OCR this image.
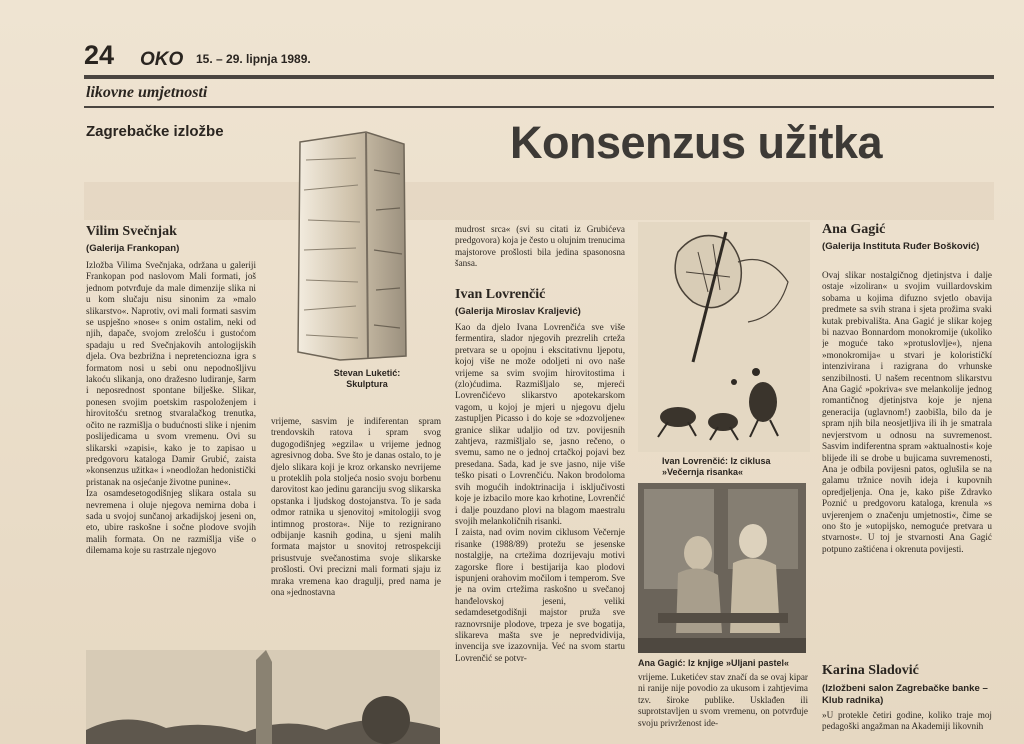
24 OKO 15. – 29. lipnja 1989.
likovne umjetnosti
Zagrebačke izložbe	Konsenzus užitka
Stevan Luketić:
Skulptura
Vilim Svečnjak
(Galerija Frankopan)
Izložba Vilima Svečnjaka, održana u galeriji Frankopan pod naslovom Mali formati, još jednom potvrđuje da male dimenzije slika ni u kom slučaju nisu sinonim za »malo slikarstvo«. Naprotiv, ovi mali formati sasvim se uspješno »nose« s onim ostalim, neki od njih, dapače, svojom zrelošću i gustoćom spadaju u red Svečnjakovih antologijskih djela. Ova bezbrižna i nepretenciozna igra s formatom nosi u sebi onu nepodnošljivu lakoću slikanja, ono dražesno ludiranje, šarm i neposrednost spontane bilješke. Slikar, ponesen svojim poetskim raspoloženjem i hirovitošću sretnog stvaralačkog trenutka, očito ne razmišlja o budućnosti slike i njenim poslijedicama u svom vremenu. Ovi su slikarski »zapisi«, kako je to zapisao u predgovoru kataloga Damir Grubić, zaista »konsenzus užitka« i »neodložan hedonistički pristanak na osjećanje životne punine«.
Iza osamdesetogodišnjeg slikara ostala su nevremena i oluje njegova nemirna doba i sada u svojoj sunčanoj arkadijskoj jeseni on, eto, ubire raskošne i sočne plodove svojih malih formata. On ne razmišlja više o dilemama koje su rastrzale njegovo
vrijeme, sasvim je indiferentan spram trendovskih ratova i spram svog dugogodišnjeg »egzila« u vrijeme jednog agresivnog doba. Sve što je danas ostalo, to je djelo slikara koji je kroz orkansko nevrijeme u proteklih pola stoljeća nosio svoju borbenu darovitost kao jedinu garanciju svog slikarska opstanka i ljudskog dostojanstva. To je sada odmor ratnika u sjenovitoj »mitologiji svog intimnog prostora«. Nije to rezignirano odbijanje kasnih godina, u sjeni malih formata majstor u snovitoj retrospekciji prisustvuje svečanostima svoje slikarske prošlosti. Ovi precizni mali formati sjaju iz mraka vremena kao dragulji, pred nama je ona »jednostavna
mudrost srca« (svi su citati iz Grubićeva predgovora) koja je često u olujnim trenucima majstorove prošlosti bila jedina spasonosna šansa.
Ivan Lovrenčić
(Galerija Miroslav Kraljević)
Kao da djelo Ivana Lovrenčića sve više fermentira, slador njegovih prezrelih crteža pretvara se u opojnu i ekscitativnu ljepotu, kojoj više ne može odoljeti ni ovo naše vrijeme sa svim svojim hirovitostima i (zlo)ćudima. Razmišljalo se, mjereći Lovrenčićevo slikarstvo apotekarskom vagom, u kojoj je mjeri u njegovu djelu zastupljen Picasso i do koje se »dozvoljene« granice slikar udaljio od tzv. povijesnih zahtjeva, razmišljalo se, jasno rečeno, o svemu, samo ne o jednoj crtačkoj pojavi bez presedana. Sada, kad je sve jasno, nije više teško pisati o Lovrenčiću. Nakon brodoloma svih mogućih indoktrinacija i isključivosti koje je izbacilo more kao krhotine, Lovrenčić i dalje pouzdano plovi na blagom maestralu svojih melankoličnih risanki.
I zaista, nad ovim novim ciklusom Večernje risanke (1988/89) protežu se jesenske nostalgije, na crtežima dozrijevaju motivi zagorske flore i bestijarija kao plodovi ispunjeni orahovim močilom i temperom. Sve je na ovim crtežima raskošno u svečanoj hanđelovskoj jeseni, veliki sedamdesetgodišnji majstor pruža sve raznovrsnije plodove, trpeza je sve bogatija, slikareva mašta sve je nepredvidivija, invencija sve izazovnija. Već na svom startu Lovrenčić se potvr-
Ivan Lovrenčić: Iz ciklusa
»Večernja risanka«
Ana Gagić: Iz knjige »Uljani pastel«
vrijeme. Luketićev stav značí da se ovaj kipar ni ranije nije povodio za ukusom i zahtjevima tzv. široke publike. Usklađen ili suprotstavljen u svom vremenu, on potvrđuje svoju privrženost ide-
Ana Gagić
(Galerija Instituta Ruđer Bošković)
Ovaj slikar nostalgičnog djetinjstva i dalje ostaje »izoliran« u svojim vuillardovskim sobama u kojima difuzno svjetlo obavija predmete sa svih strana i sjeta prožima svaki kutak prebivališta. Ana Gagić je slikar kojeg bi nazvao Bonnardom monokromije (ukoliko je moguće tako »protuslovlje«), njena »monokromija« u stvari je kolorističkí intenzivirana i razigrana do vrhunske senzibilnosti. U našem recentnom slikarstvu Ana Gagić »pokriva« sve melankolije jednog romantičnog djetinjstva koje je njena generacija (uglavnom!) zaobišla, bilo da je spram njih bila neosjetljiva ili ih je smatrala nevjerstvom u odnosu na suvremenost. Sasvim indiferentna spram »aktualnosti« koje blijede ili se drobe u bujicama suvremenosti, Ana je odbila povijesni patos, oglušila se na galamu tržnice novih ideja i kupovnih opredjeljenja. Ona je, kako piše Zdravko Poznić u predgovoru kataloga, krenula »s uvjerenjem o značenju umjetnosti«, čime se ono što je »utopijsko, nemoguće pretvara u stvarnost«. U toj je stvarnosti Ana Gagić potpuno zaštićena i okrenuta povijesti.
Karina Sladović
(Izložbeni salon Zagrebačke banke – Klub radnika)
»U protekle četiri godine, koliko traje moj pedagoški angažman na Akademiji likovnih
